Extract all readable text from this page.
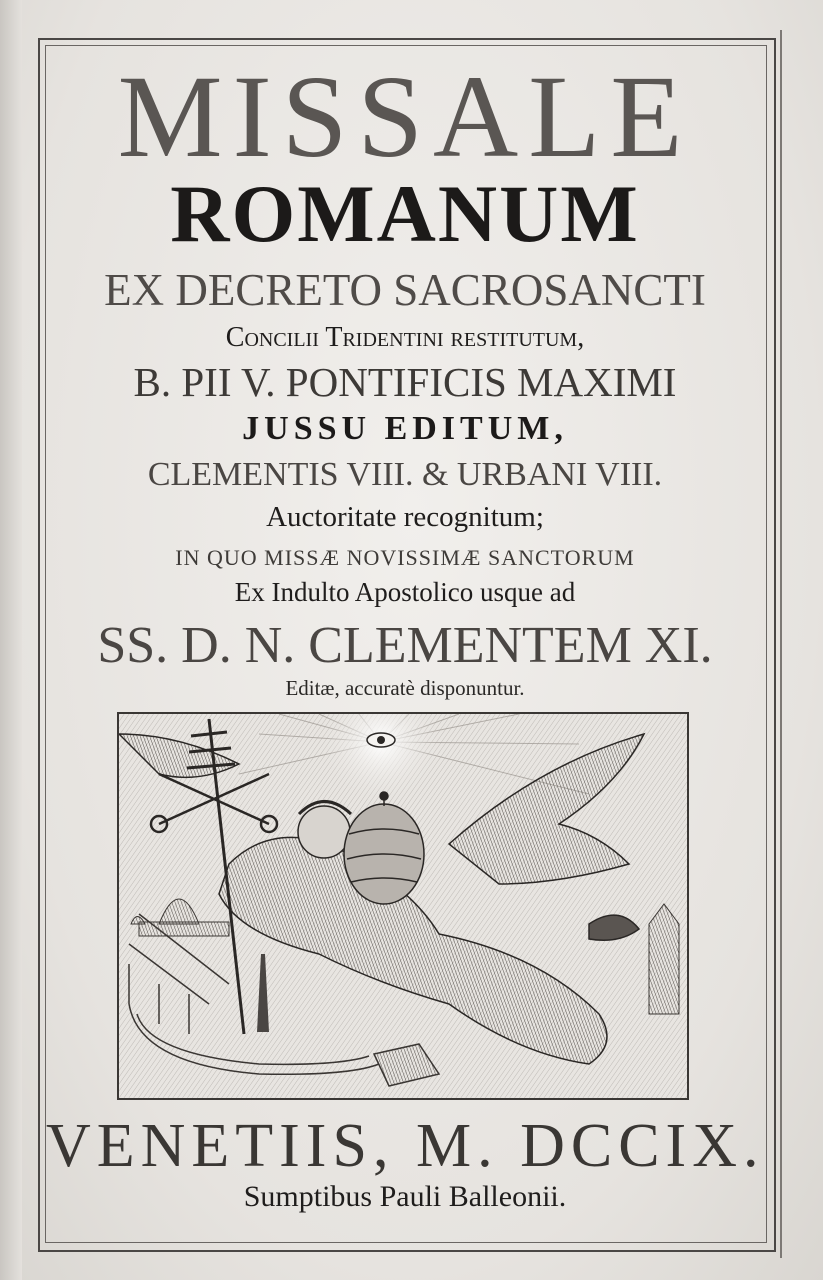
MISSALE
ROMANUM
EX DECRETO SACROSANCTI
Concilii Tridentini restitutum,
B. PII V. PONTIFICIS MAXIMI
JUSSU EDITUM,
CLEMENTIS VIII. & URBANI VIII.
Auctoritate recognitum;
IN QUO MISSÆ NOVISSIMÆ SANCTORUM
Ex Indulto Apostolico usque ad
SS. D. N. CLEMENTEM XI.
Editæ, accuratè disponuntur.
VENETIIS, M. DCCIX.
Sumptibus Pauli Balleonii.
